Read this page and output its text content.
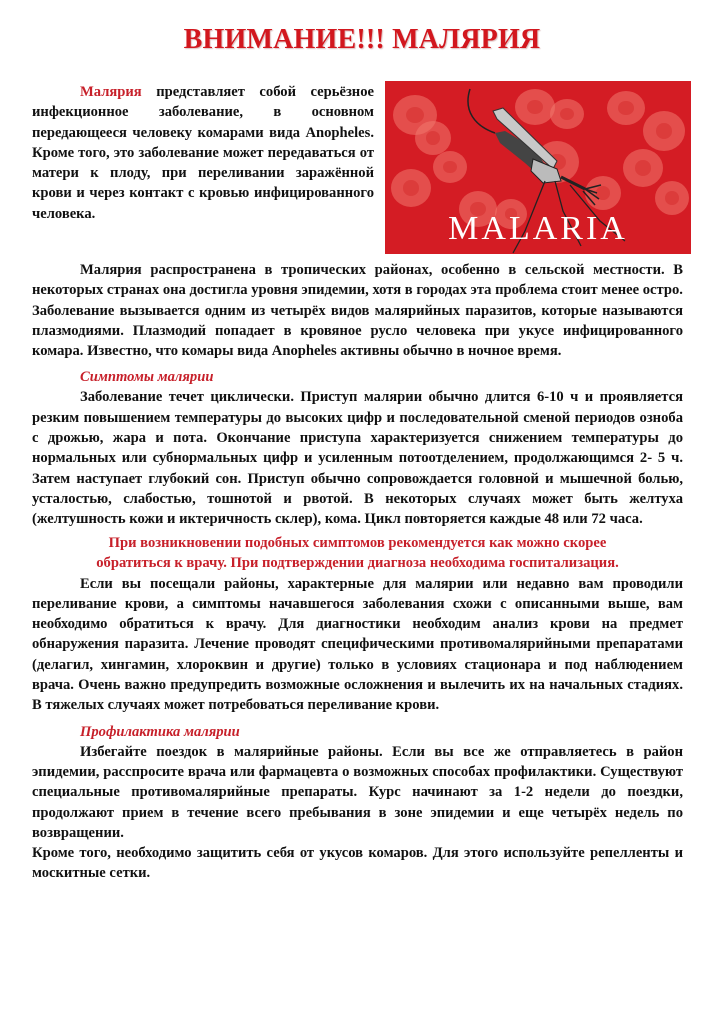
ВНИМАНИЕ!!! МАЛЯРИЯ

Малярия представляет собой серьёзное инфекционное заболевание, в основном передающееся человеку комарами вида Anopheles. Кроме того, это заболевание может передаваться от матери к плоду, при переливании заражённой крови и через контакт с кровью инфицированного человека.	MALARIA

Малярия распространена в тропических районах, особенно в сельской местности. В некоторых странах она достигла уровня эпидемии, хотя в городах эта проблема стоит менее остро.

Заболевание вызывается одним из четырёх видов малярийных паразитов, которые называются плазмодиями. Плазмодий попадает в кровяное русло человека при укусе инфицированного комара. Известно, что комары вида Anopheles активны обычно в ночное время.

Симптомы малярии

Заболевание течет циклически. Приступ малярии обычно длится 6-10 ч и проявляется резким повышением температуры до высоких цифр и последовательной сменой периодов озноба с дрожью, жара и пота. Окончание приступа характеризуется снижением температуры до нормальных или субнормальных цифр и усиленным потоотделением, продолжающимся 2- 5 ч. Затем наступает глубокий сон. Приступ обычно сопровождается головной и мышечной болью, усталостью, слабостью, тошнотой и рвотой. В некоторых случаях может быть желтуха (желтушность кожи и иктеричность склер), кома. Цикл повторяется каждые 48 или 72 часа.

При возникновении подобных симптомов рекомендуется как можно скорее

обратиться к врачу. При подтверждении диагноза необходима госпитализация.

Если вы посещали районы, характерные для малярии или недавно вам проводили переливание крови, а симптомы начавшегося заболевания схожи с описанными выше, вам необходимо обратиться к врачу. Для диагностики необходим анализ крови на предмет обнаружения паразита. Лечение проводят специфическими противомалярийными препаратами (делагил, хингамин, хлороквин и другие) только в условиях стационара и под наблюдением врача. Очень важно предупредить возможные осложнения и вылечить их на начальных стадиях. В тяжелых случаях может потребоваться переливание крови.

Профилактика малярии

Избегайте поездок в малярийные районы. Если вы все же отправляетесь в район эпидемии, расспросите врача или фармацевта о возможных способах профилактики. Существуют специальные противомалярийные препараты. Курс начинают за 1-2 недели до поездки, продолжают прием в течение всего пребывания в зоне эпидемии и еще четырёх недель по возвращении.

Кроме того, необходимо защитить себя от укусов комаров. Для этого используйте репелленты и москитные сетки.
